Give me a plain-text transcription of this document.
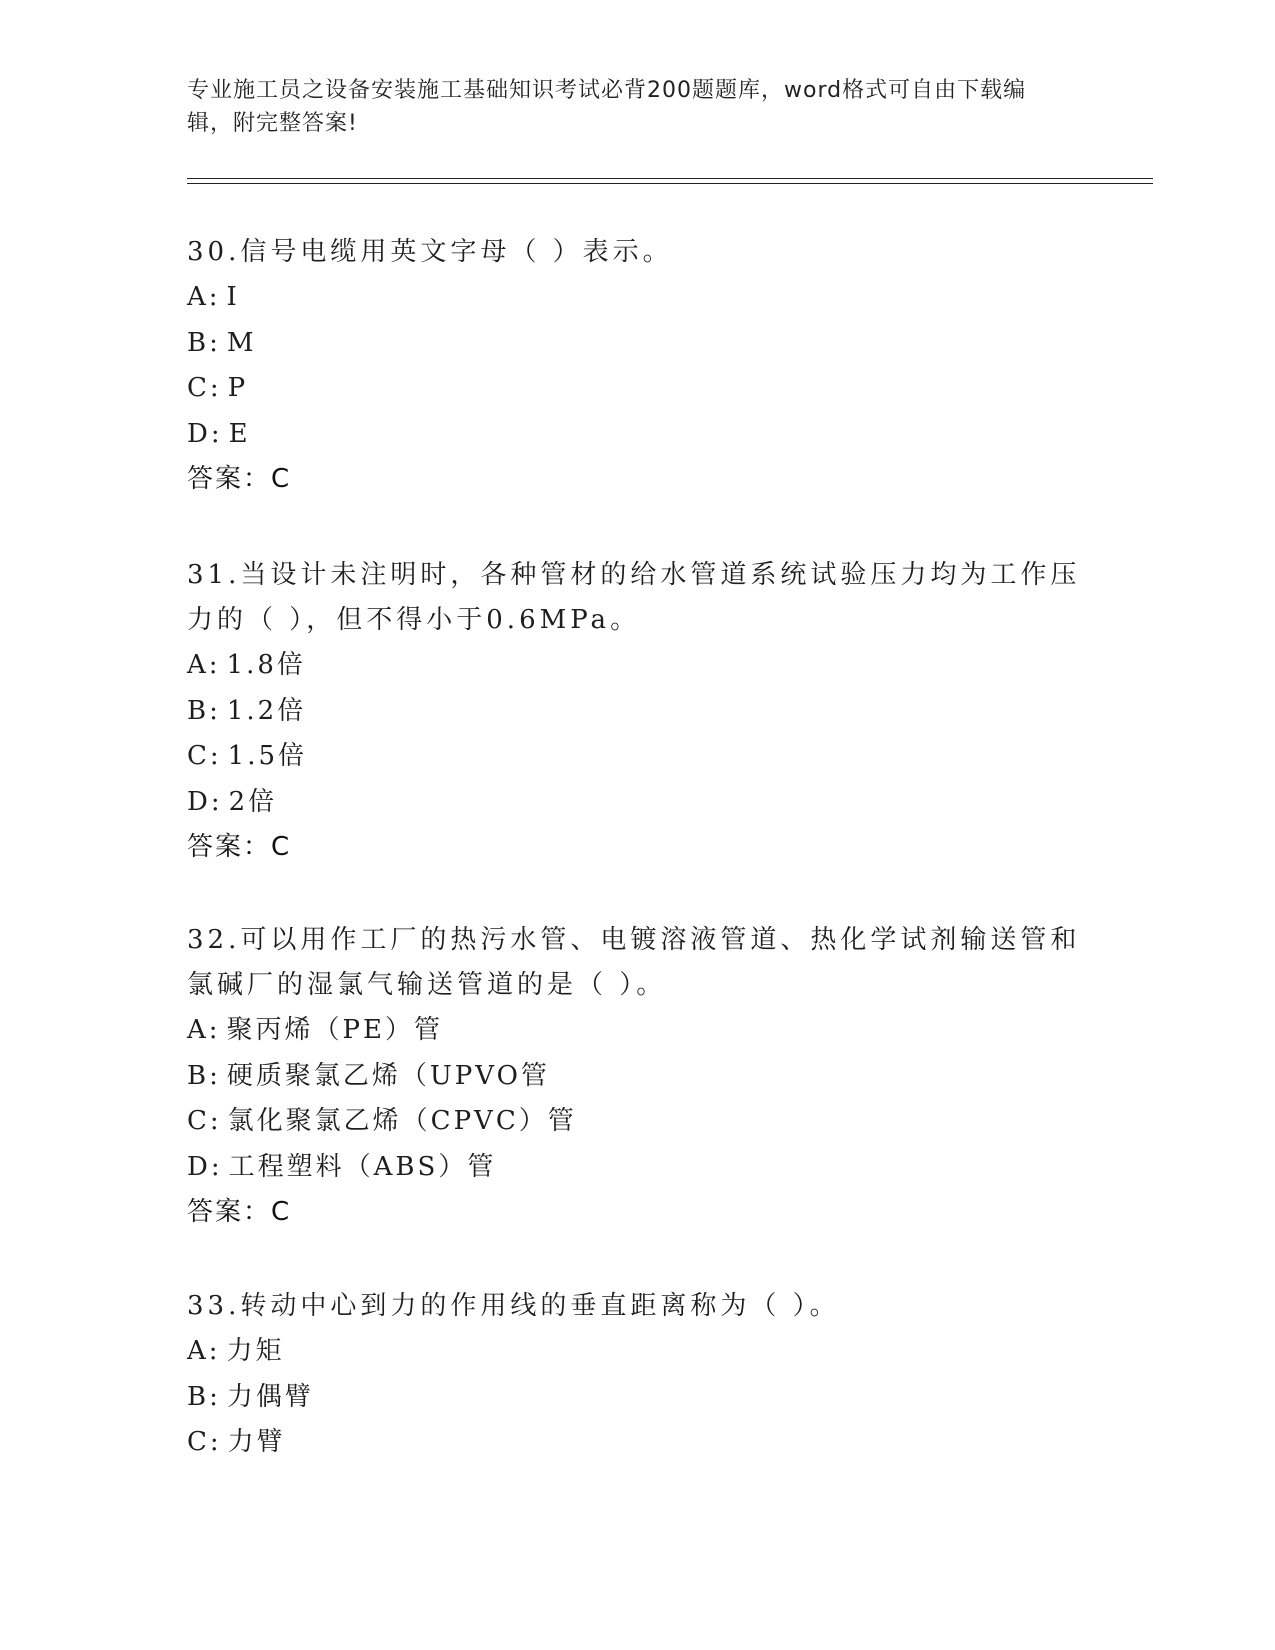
专业施工员之设备安装施工基础知识考试必背200题题库，word格式可自由下载编辑，附完整答案!

30.信号电缆用英文字母（ ）表示。

A: I
B: M
C: P
D: E
答案：C

31.当设计未注明时，各种管材的给水管道系统试验压力均为工作压力的（ ），但不得小于0.6MPa。

A: 1.8倍
B: 1.2倍
C: 1.5倍
D: 2倍
答案：C

32.可以用作工厂的热污水管、电镀溶液管道、热化学试剂输送管和氯碱厂的湿氯气输送管道的是（ ）。

A: 聚丙烯（PE）管
B: 硬质聚氯乙烯（UPVO管
C: 氯化聚氯乙烯（CPVC）管
D: 工程塑料（ABS）管
答案：C

33.转动中心到力的作用线的垂直距离称为（ ）。

A: 力矩
B: 力偶臂
C: 力臂
